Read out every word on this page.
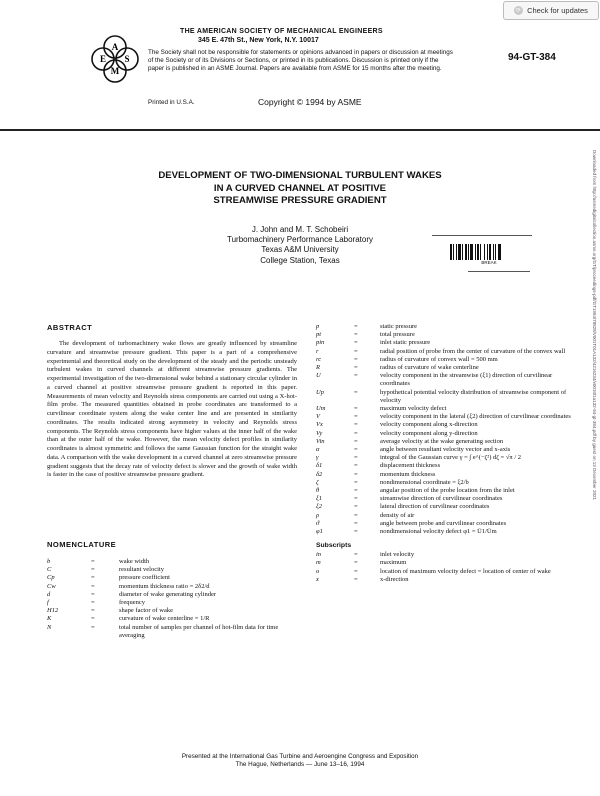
A
S
M
E
THE AMERICAN SOCIETY OF MECHANICAL ENGINEERS
345 E. 47th St., New York, N.Y. 10017
The Society shall not be responsible for statements or opinions advanced in papers or discussion at meetings of the Society or of its Divisions or Sections, or printed in its publications. Discussion is printed only if the paper is published in an ASME Journal. Papers are available from ASME for 15 months after the meeting.
Printed in U.S.A.	Copyright © 1994 by ASME
94-GT-384
⟳ Check for updates
DEVELOPMENT OF TWO-DIMENSIONAL TURBULENT WAKES
IN A CURVED CHANNEL AT POSITIVE
STREAMWISE PRESSURE GRADIENT
J. John and M. T. Schobeiri
Turbomachinery Performance Laboratory
Texas A&M University
College Station, Texas	BREAK	Downloaded from http://asmedigitalcollection.asme.org/GT/proceedings-pdf/GT1994/78828/V001T01A132/4216234/v001t01a132-94-gt-384.pdf by guest on 13 December 2021
ABSTRACT
The development of turbomachinery wake flows are greatly influenced by streamline curvature and streamwise pressure gradient. This paper is a part of a comprehensive experimental and theoretical study on the development of the steady and the periodic unsteady turbulent wakes in curved channels at different streamwise pressure gradients. The experimental investigation of the two-dimensional wake behind a stationary circular cylinder in a curved channel at positive streamwise pressure gradient is reported in this paper. Measurements of mean velocity and Reynolds stress components are carried out using a X-hot-film probe. The measured quantities obtained in probe coordinates are transformed to a curvilinear coordinate system along the wake center line and are presented in similarity coordinates. The results indicated strong asymmetry in velocity and Reynolds stress components. The Reynolds stress components have higher values at the inner half of the wake than at the outer half of the wake. However, the mean velocity defect profiles in similarity coordinates is almost symmetric and follows the same Gaussian function for the straight wake data. A comparison with the wake development in a curved channel at zero streamwise pressure gradient suggests that the decay rate of velocity defect is slower and the growth of wake width is faster in the case of positive streamwise pressure gradient.
NOMENCLATURE
b	=	wake width
C	=	resultant velocity
Cp	=	pressure coefficient
Cw	=	momentum thickness ratio = 2δ2/d
d	=	diameter of wake generating cylinder
f	=	frequency
H12	=	shape factor of wake
K	=	curvature of wake centerline = 1/R
N	=	total number of samples per channel of hot-film data for time averaging
p	=	static pressure
pt	=	total pressure
pin	=	inlet static pressure
r	=	radial position of probe from the center of curvature of the convex wall
rc	=	radius of curvature of convex wall = 500 mm
R	=	radius of curvature of wake centerline
U	=	velocity component in the streamwise (ξ1) direction of curvilinear coordinates
Up	=	hypothetical potential velocity distribution of streamwise component of velocity
Um	=	maximum velocity defect
V	=	velocity component in the lateral (ξ2) direction of curvilinear coordinates
Vx	=	velocity component along x-direction
Vy	=	velocity component along y-direction
Vin	=	average velocity at the wake generating section
α	=	angle between resultant velocity vector and x-axis
γ	=	integral of the Gaussian curve γ = ∫ e^(−ζ²) dζ = √π / 2
δ1	=	displacement thickness
δ2	=	momentum thickness
ζ	=	nondimensional coordinate = ξ2/b
θ	=	angular position of the probe location from the inlet
ξ1	=	streamwise direction of curvilinear coordinates
ξ2	=	lateral direction of curvilinear coordinates
ρ	=	density of air
ϑ	=	angle between probe and curvilinear coordinates
φ1	=	nondimensional velocity defect φ1 = Ū1/Ūm
Subscripts
in	=	inlet velocity
m	=	maximum
o	=	location of maximum velocity defect = location of center of wake
x	=	x-direction
Presented at the International Gas Turbine and Aeroengine Congress and Exposition
The Hague, Netherlands — June 13–16, 1994
